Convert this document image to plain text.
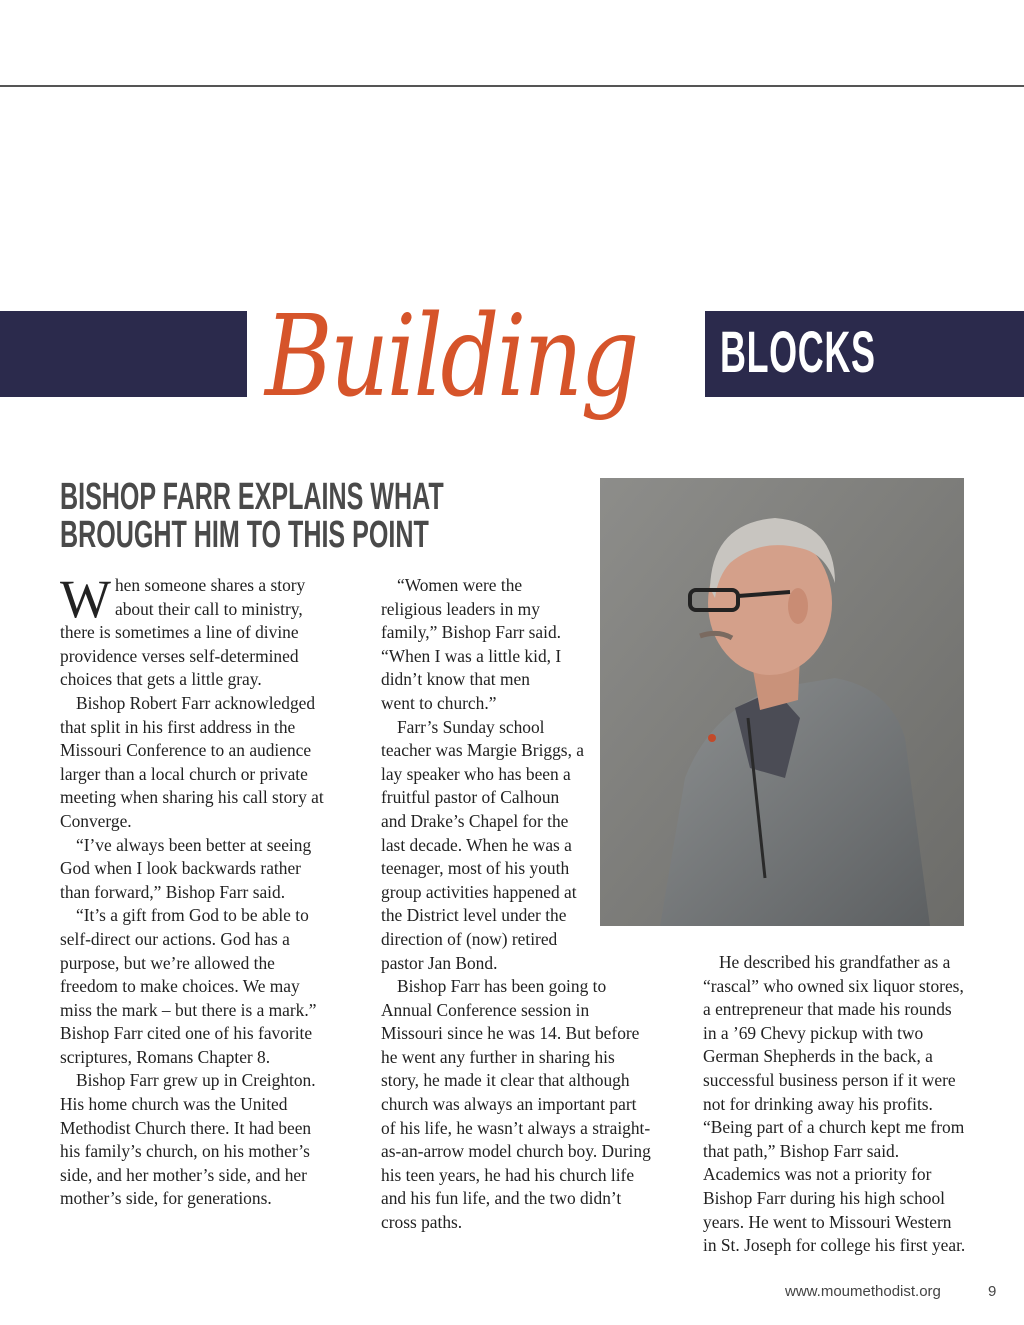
BLOCKS
Building
BISHOP FARR EXPLAINS WHAT
BROUGHT HIM TO THIS POINT

When someone shares a story about their call to ministry, there is sometimes a line of divine providence verses self-determined choices that gets a little gray.

Bishop Robert Farr acknowledged that split in his first address in the Missouri Conference to an audience larger than a local church or private meeting when sharing his call story at Converge.

“I’ve always been better at seeing God when I look backwards rather than forward,” Bishop Farr said.

“It’s a gift from God to be able to self-direct our actions. God has a purpose, but we’re allowed the freedom to make choices. We may miss the mark – but there is a mark.” Bishop Farr cited one of his favorite scriptures, Romans Chapter 8.

Bishop Farr grew up in Creighton. His home church was the United Methodist Church there. It had been his family’s church, on his mother’s side, and her mother’s side, and her mother’s side, for generations.

“Women were the religious leaders in my family,” Bishop Farr said. “When I was a little kid, I didn’t know that men went to church.”

Farr’s Sunday school teacher was Margie Briggs, a lay speaker who has been a fruitful pastor of Calhoun and Drake’s Chapel for the last decade. When he was a teenager, most of his youth group activities happened at the District level under the direction of (now) retired pastor Jan Bond.

Bishop Farr has been going to Annual Conference session in Missouri since he was 14. But before he went any further in sharing his story, he made it clear that although church was always an important part of his life, he wasn’t always a straight-as-an-arrow model church boy. During his teen years, he had his church life and his fun life, and the two didn’t cross paths.

He described his grandfather as a “rascal” who owned six liquor stores, a entrepreneur that made his rounds in a ’69 Chevy pickup with two German Shepherds in the back, a successful business person if it were not for drinking away his profits. “Being part of a church kept me from that path,” Bishop Farr said. Academics was not a priority for Bishop Farr during his high school years. He went to Missouri Western in St. Joseph for college his first year.

www.moumethodist.org	9
